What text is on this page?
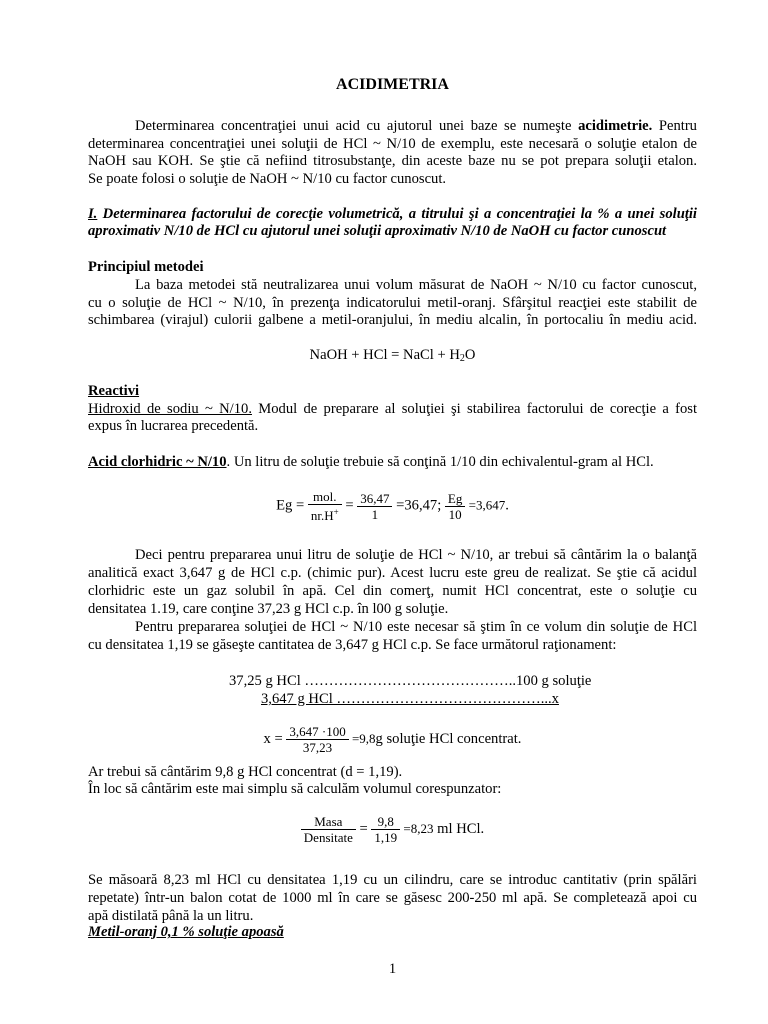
ACIDIMETRIA
Determinarea concentraţiei unui acid cu ajutorul unei baze se numeşte acidimetrie. Pentru
determinarea concentraţiei unei soluţii de HCl ~ N/10 de exemplu, este necesară o soluţie etalon de
NaOH sau KOH. Se ştie că nefiind titrosubstanţe, din aceste baze nu se pot prepara soluţii etalon.
Se poate folosi o soluţie de NaOH ~ N/10 cu factor cunoscut.
I. Determinarea factorului de corecţie volumetrică, a titrului şi a concentraţiei la % a unei soluţii
aproximativ N/10 de HCl cu ajutorul unei soluţii aproximativ N/10 de NaOH cu factor cunoscut
Principiul metodei
La baza metodei stă neutralizarea unui volum măsurat de NaOH ~ N/10 cu factor cunoscut,
cu o soluţie de HCl ~ N/10, în prezenţa indicatorului metil-oranj. Sfârşitul reacţiei este stabilit de
schimbarea (virajul) culorii galbene a metil-oranjului, în mediu alcalin, în portocaliu în mediu acid.
NaOH + HCl = NaCl + $H_2O$
Reactivi
Hidroxid de sodiu ~ N/10. Modul de preparare al soluţiei şi stabilirea factorului de corecţie a fost
expus în lucrarea precedentă.
Acid clorhidric ~ N/10. Un litru de soluţie trebuie să conţină 1/10 din echivalentul-gram al HCl.
$Eg = \frac{\text{mol.}}{nr.H^+} = \frac{36,47}{1} =36,47$; $\frac{Eg}{10} =3,647$.
Deci pentru prepararea unui litru de soluţie de HCl ~ N/10, ar trebui să cântărim la o balanţă
analitică exact 3,647 g de HCl c.p. (chimic pur). Acest lucru este greu de realizat. Se ştie că acidul
clorhidric este un gaz solubil în apă. Cel din comerţ, numit HCl concentrat, este o soluţie cu
densitatea 1.19, care conţine 37,23 g HCl c.p. în l00 g soluţie.
Pentru prepararea soluţiei de HCl ~ N/10 este necesar să ştim în ce volum din soluţie de HCl
cu densitatea 1,19 se găseşte cantitatea de 3,647 g HCl c.p. Se face următorul raţionament:
37,25 g HCl ……………………………………..100 g soluţie
3,647 g HCl ……………………………………...x
$x = \frac{3,647 \cdot 100}{37,23} =9,8g$ soluţie HCl concentrat.
Ar trebui să cântărim 9,8 g HCl concentrat (d = 1,19).
În loc să cântărim este mai simplu să calculăm volumul corespunzator:
$\frac{\text{Masa}}{\text{Densitate}} = \frac{9,8}{1,19} =8,23$ ml HCl.
Se măsoară 8,23 ml HCl cu densitatea 1,19 cu un cilindru, care se introduc cantitativ (prin spălări
repetate) într-un balon cotat de 1000 ml în care se găsesc 200-250 ml apă. Se completează apoi cu
apă distilată până la un litru.
Metil-oranj 0,1 % soluţie apoasă
1
